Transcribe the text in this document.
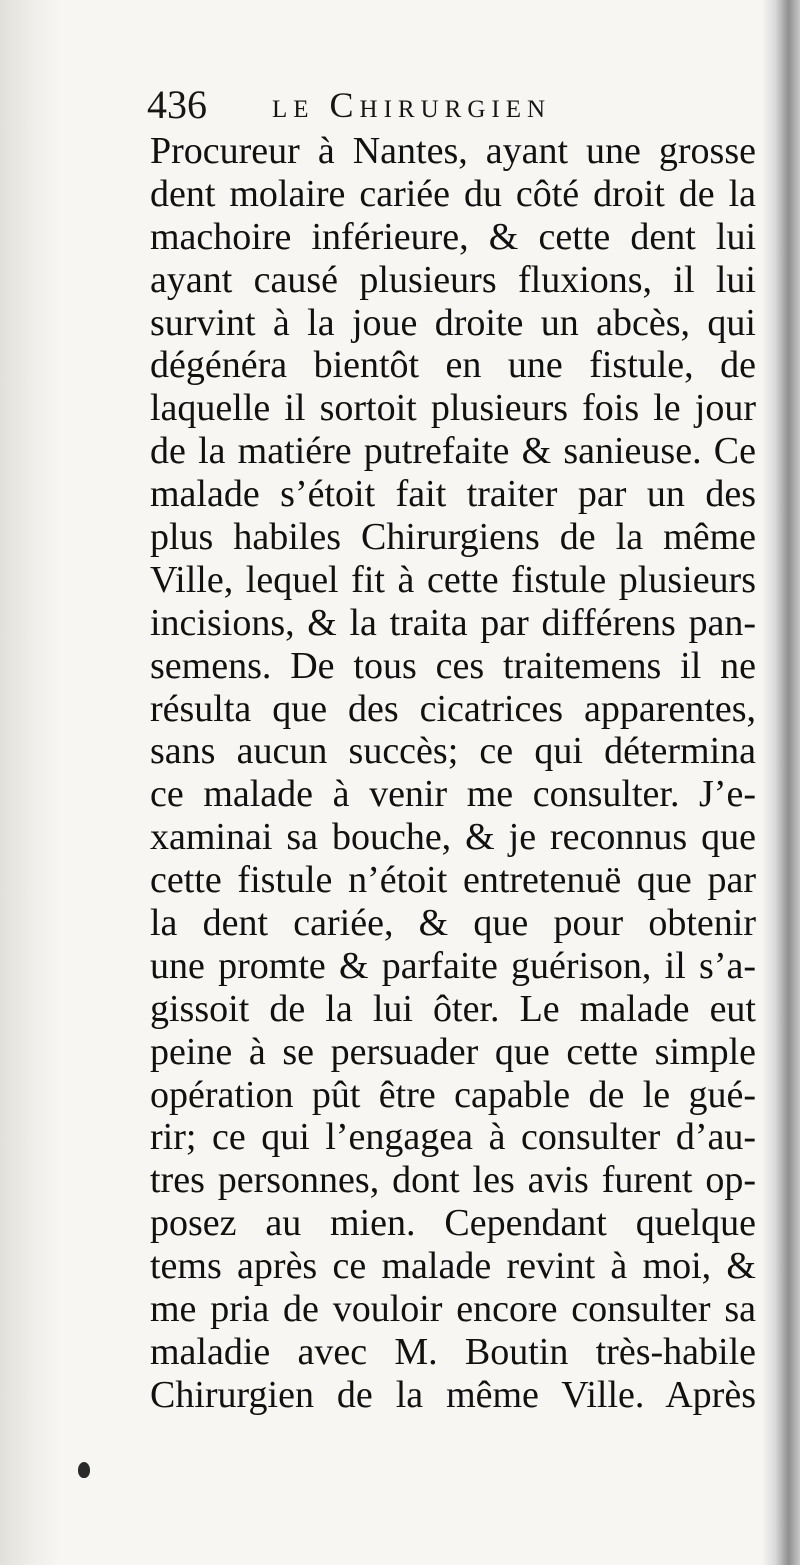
436 le Chirurgien
Procureur à Nantes, ayant une grosse
dent molaire cariée du côté droit de la
machoire inférieure, & cette dent lui
ayant causé plusieurs fluxions, il lui
survint à la joue droite un abcès, qui
dégénéra bientôt en une fistule, de
laquelle il sortoit plusieurs fois le jour
de la matiére putrefaite & sanieuse. Ce
malade s’étoit fait traiter par un des
plus habiles Chirurgiens de la même
Ville, lequel fit à cette fistule plusieurs
incisions, & la traita par différens pan-
semens. De tous ces traitemens il ne
résulta que des cicatrices apparentes,
sans aucun succès; ce qui détermina
ce malade à venir me consulter. J’e-
xaminai sa bouche, & je reconnus que
cette fistule n’étoit entretenuë que par
la dent cariée, & que pour obtenir
une promte & parfaite guérison, il s’a-
gissoit de la lui ôter. Le malade eut
peine à se persuader que cette simple
opération pût être capable de le gué-
rir; ce qui l’engagea à consulter d’au-
tres personnes, dont les avis furent op-
posez au mien. Cependant quelque
tems après ce malade revint à moi, &
me pria de vouloir encore consulter sa
maladie avec M. Boutin très-habile
Chirurgien de la même Ville. Après
